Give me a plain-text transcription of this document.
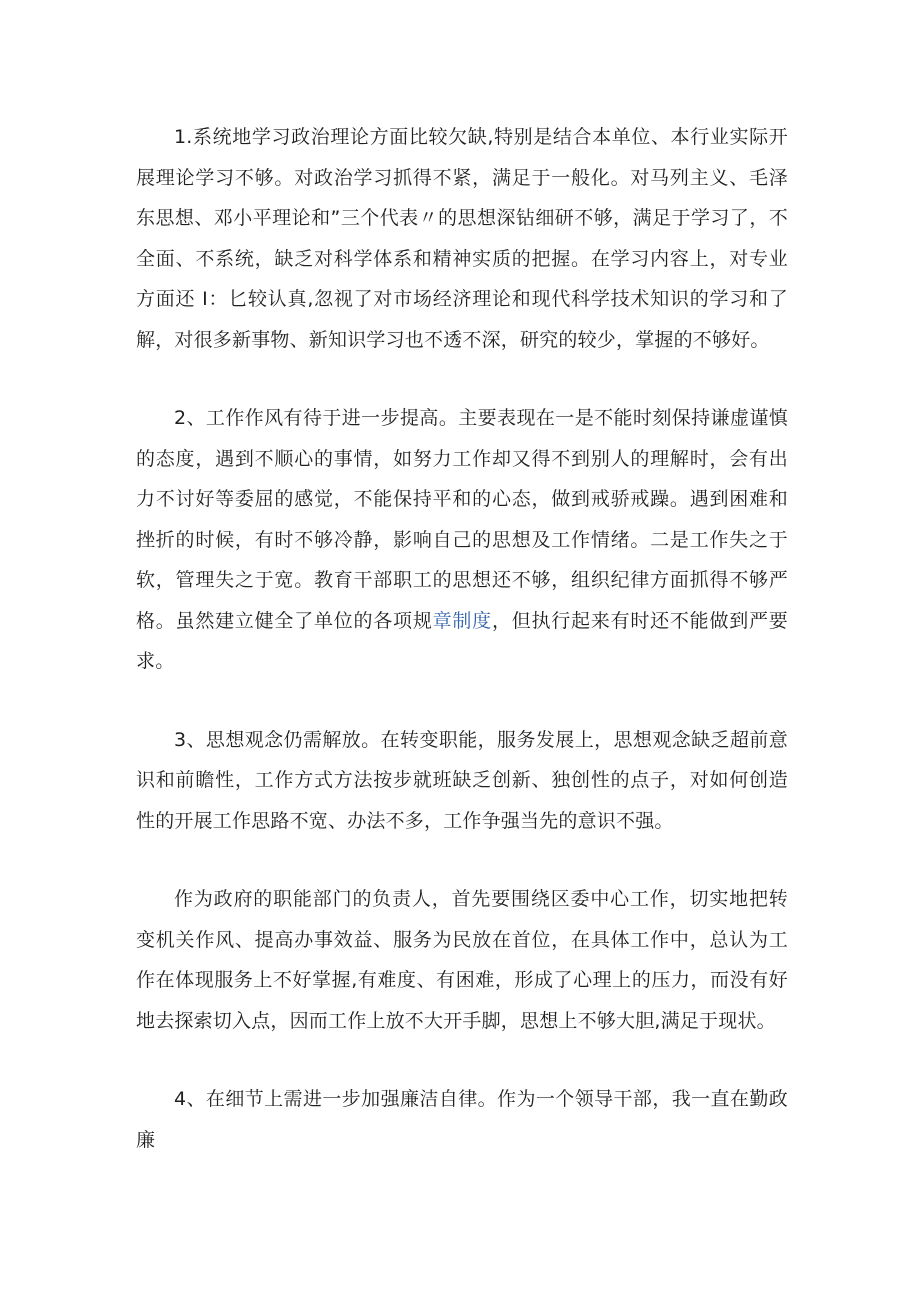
1.系统地学习政治理论方面比较欠缺,特别是结合本单位、本行业实际开展理论学习不够。对政治学习抓得不紧，满足于一般化。对马列主义、毛泽东思想、邓小平理论和”三个代表〃的思想深钻细研不够，满足于学习了，不全面、不系统，缺乏对科学体系和精神实质的把握。在学习内容上，对专业方面还 I：匕较认真,忽视了对市场经济理论和现代科学技术知识的学习和了解，对很多新事物、新知识学习也不透不深，研究的较少，掌握的不够好。

2、工作作风有待于进一步提高。主要表现在一是不能时刻保持谦虚谨慎的态度，遇到不顺心的事情，如努力工作却又得不到别人的理解时，会有出力不讨好等委屈的感觉，不能保持平和的心态，做到戒骄戒躁。遇到困难和挫折的时候，有时不够冷静，影响自己的思想及工作情绪。二是工作失之于软，管理失之于宽。教育干部职工的思想还不够，组织纪律方面抓得不够严格。虽然建立健全了单位的各项规章制度，但执行起来有时还不能做到严要求。

3、思想观念仍需解放。在转变职能，服务发展上，思想观念缺乏超前意识和前瞻性，工作方式方法按步就班缺乏创新、独创性的点子，对如何创造性的开展工作思路不宽、办法不多，工作争强当先的意识不强。

作为政府的职能部门的负责人，首先要围绕区委中心工作，切实地把转变机关作风、提高办事效益、服务为民放在首位，在具体工作中，总认为工作在体现服务上不好掌握,有难度、有困难，形成了心理上的压力，而没有好地去探索切入点，因而工作上放不大开手脚，思想上不够大胆,满足于现状。

4、在细节上需进一步加强廉洁自律。作为一个领导干部，我一直在勤政廉
